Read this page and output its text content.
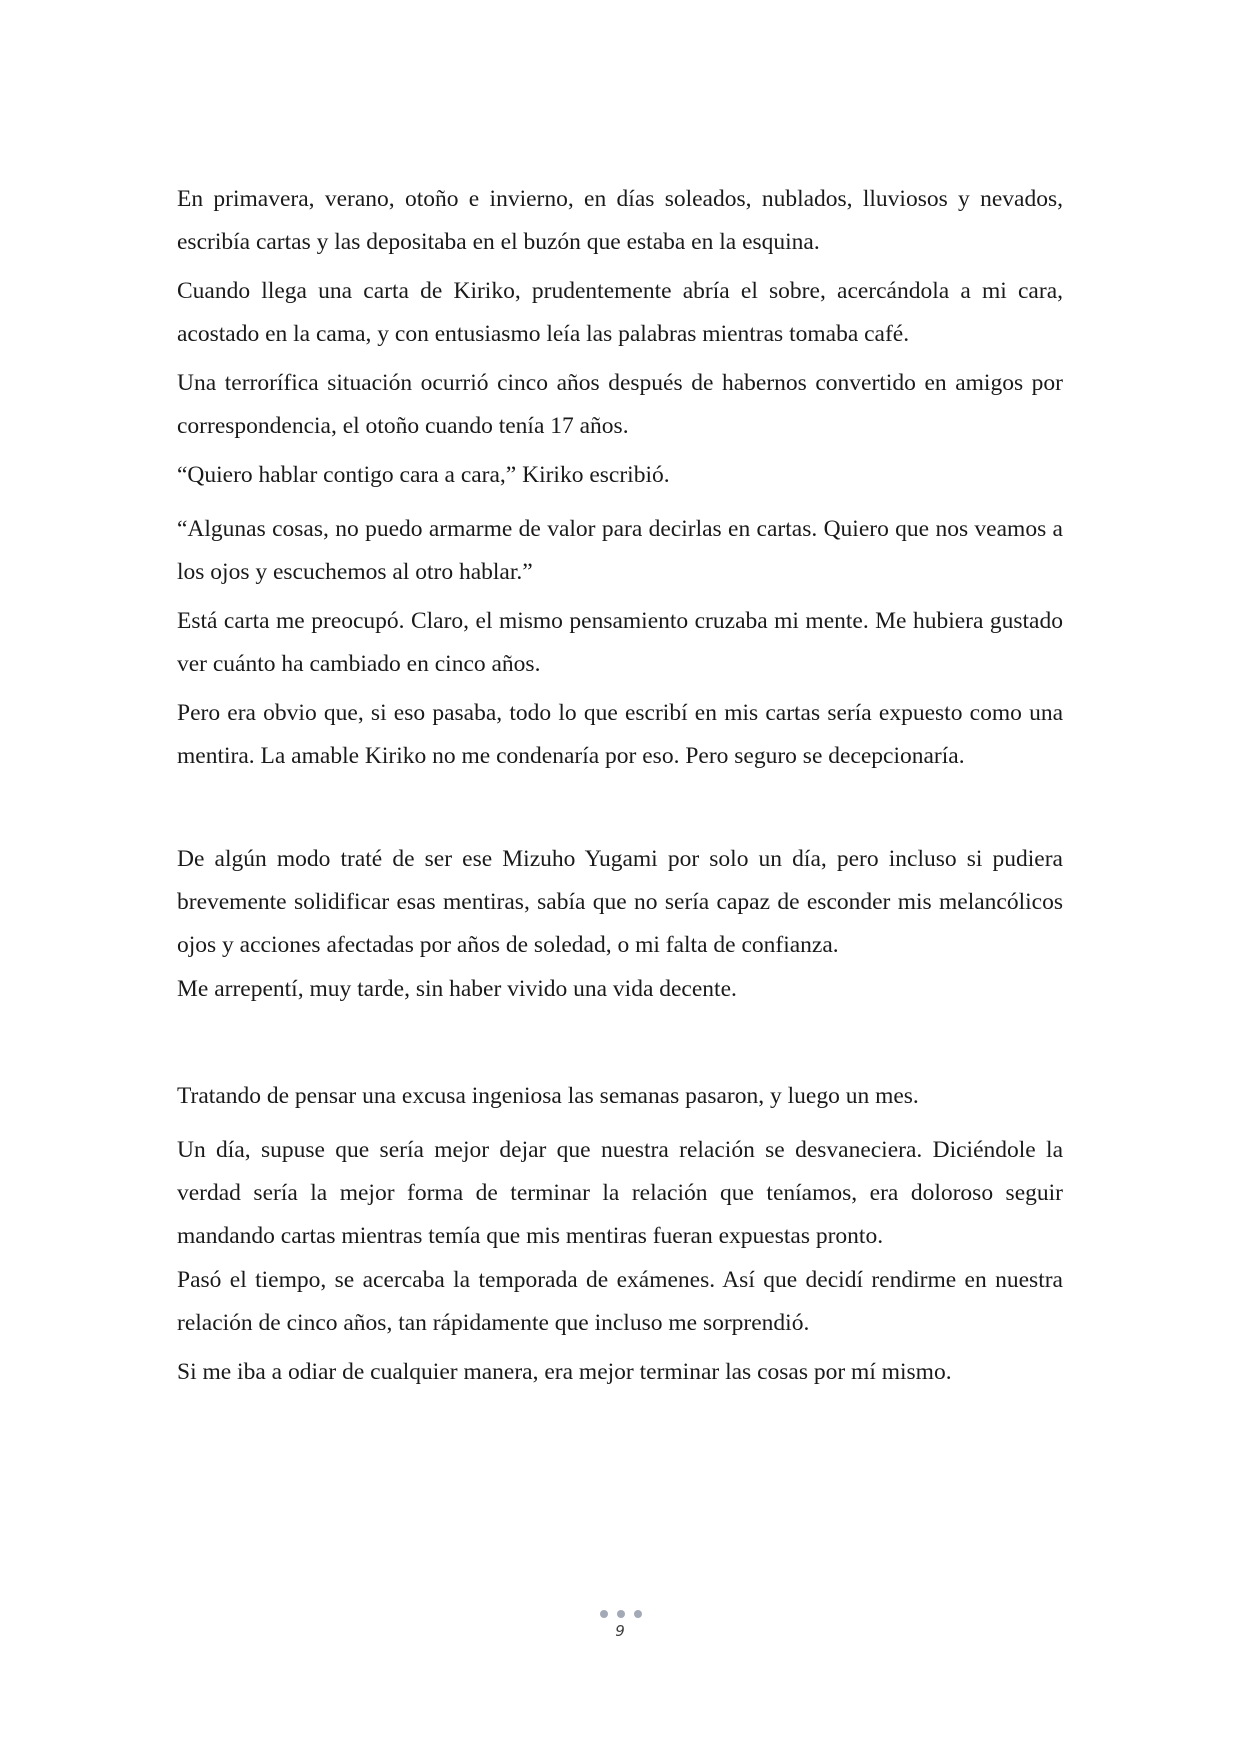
En primavera, verano, otoño e invierno, en días soleados, nublados, lluviosos y nevados, escribía cartas y las depositaba en el buzón que estaba en la esquina.

Cuando llega una carta de Kiriko, prudentemente abría el sobre, acercándola a mi cara, acostado en la cama, y con entusiasmo leía las palabras mientras tomaba café.

Una terrorífica situación ocurrió cinco años después de habernos convertido en amigos por correspondencia, el otoño cuando tenía 17 años.

“Quiero hablar contigo cara a cara,” Kiriko escribió.

“Algunas cosas, no puedo armarme de valor para decirlas en cartas. Quiero que nos veamos a los ojos y escuchemos al otro hablar.”

Está carta me preocupó. Claro, el mismo pensamiento cruzaba mi mente. Me hubiera gustado ver cuánto ha cambiado en cinco años.

Pero era obvio que, si eso pasaba, todo lo que escribí en mis cartas sería expuesto como una mentira. La amable Kiriko no me condenaría por eso. Pero seguro se decepcionaría.

De algún modo traté de ser ese Mizuho Yugami por solo un día, pero incluso si pudiera brevemente solidificar esas mentiras, sabía que no sería capaz de esconder mis melancólicos ojos y acciones afectadas por años de soledad, o mi falta de confianza.

Me arrepentí, muy tarde, sin haber vivido una vida decente.

Tratando de pensar una excusa ingeniosa las semanas pasaron, y luego un mes.

Un día, supuse que sería mejor dejar que nuestra relación se desvaneciera. Diciéndole la verdad sería la mejor forma de terminar la relación que teníamos, era doloroso seguir mandando cartas mientras temía que mis mentiras fueran expuestas pronto.

Pasó el tiempo, se acercaba la temporada de exámenes. Así que decidí rendirme en nuestra relación de cinco años, tan rápidamente que incluso me sorprendió.

Si me iba a odiar de cualquier manera, era mejor terminar las cosas por mí mismo.

9
